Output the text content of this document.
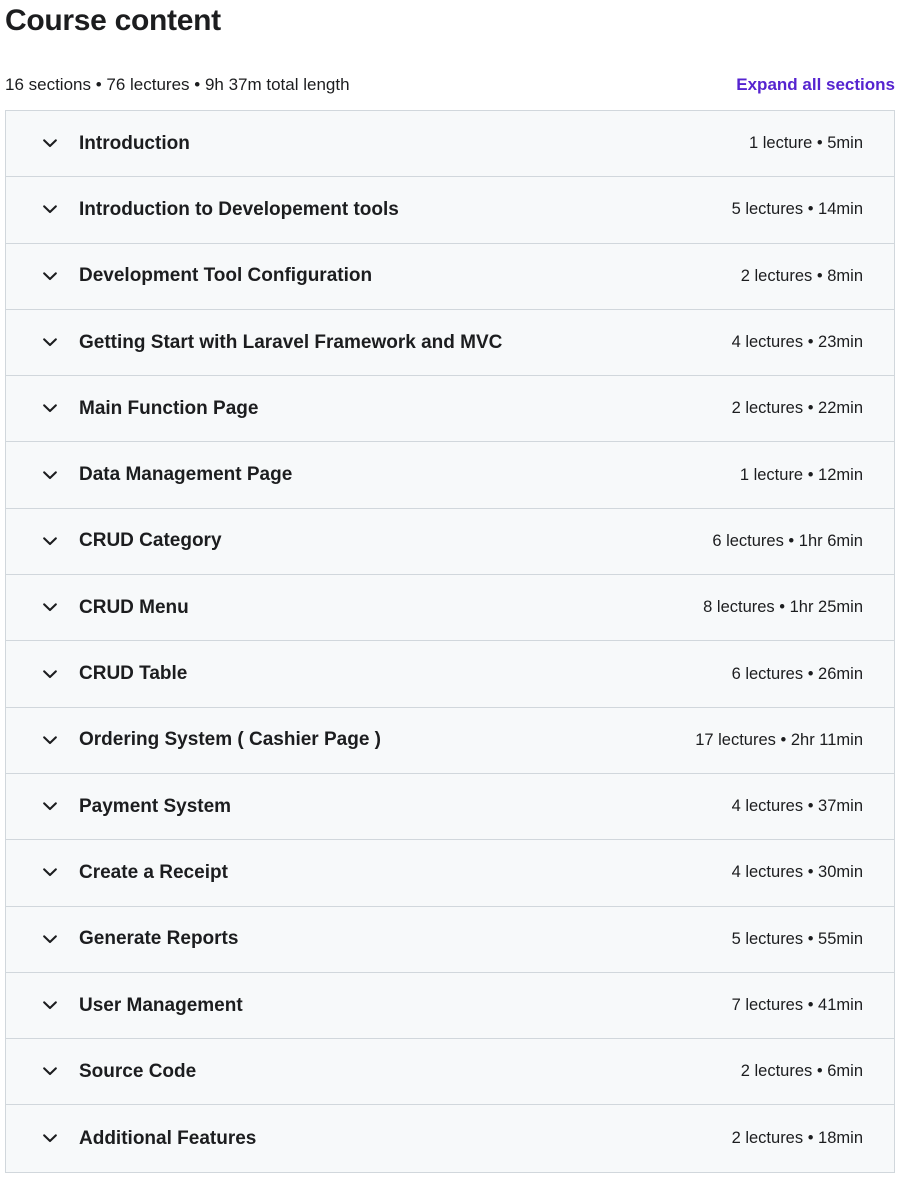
Course content
16 sections • 76 lectures • 9h 37m total length	Expand all sections
Introduction	1 lecture • 5min
Introduction to Developement tools	5 lectures • 14min
Development Tool Configuration	2 lectures • 8min
Getting Start with Laravel Framework and MVC	4 lectures • 23min
Main Function Page	2 lectures • 22min
Data Management Page	1 lecture • 12min
CRUD Category	6 lectures • 1hr 6min
CRUD Menu	8 lectures • 1hr 25min
CRUD Table	6 lectures • 26min
Ordering System ( Cashier Page )	17 lectures • 2hr 11min
Payment System	4 lectures • 37min
Create a Receipt	4 lectures • 30min
Generate Reports	5 lectures • 55min
User Management	7 lectures • 41min
Source Code	2 lectures • 6min
Additional Features	2 lectures • 18min
